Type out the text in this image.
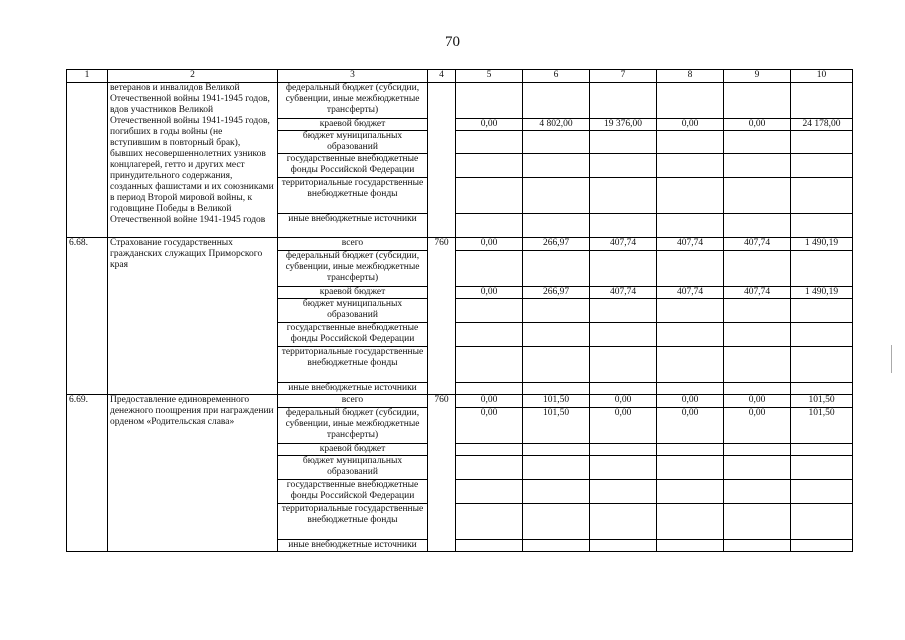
70
1	2	3	4	5	6	7	8	9	10
	ветеранов и инвалидов Великой Отечественной войны 1941-1945 годов, вдов участников Великой Отечественной войны 1941-1945 годов, погибших в годы войны (не вступившим в повторный брак), бывших несовершеннолетних узников концлагерей, гетто и других мест принудительного содержания, созданных фашистами и их союзниками в период Второй мировой войны, к годовщине Победы в Великой Отечественной войне 1941-1945 годов	федеральный бюджет (субсидии, субвенции, иные межбюджетные трансферты)							
		краевой бюджет		0,00	4 802,00	19 376,00	0,00	0,00	24 178,00
		бюджет муниципальных образований							
		государственные внебюджетные фонды Российской Федерации							
		территориальные государственные внебюджетные фонды							
		иные внебюджетные источники							
6.68.	Страхование государственных гражданских служащих Приморского края	всего	760	0,00	266,97	407,74	407,74	407,74	1 490,19
		федеральный бюджет (субсидии, субвенции, иные межбюджетные трансферты)							
		краевой бюджет		0,00	266,97	407,74	407,74	407,74	1 490,19
		бюджет муниципальных образований							
		государственные внебюджетные фонды Российской Федерации							
		территориальные государственные внебюджетные фонды							
		иные внебюджетные источники							
6.69.	Предоставление единовременного денежного поощрения при награждении орденом «Родительская слава»	всего	760	0,00	101,50	0,00	0,00	0,00	101,50
		федеральный бюджет (субсидии, субвенции, иные межбюджетные трансферты)		0,00	101,50	0,00	0,00	0,00	101,50
		краевой бюджет							
		бюджет муниципальных образований							
		государственные внебюджетные фонды Российской Федерации							
		территориальные государственные внебюджетные фонды							
		иные внебюджетные источники							
